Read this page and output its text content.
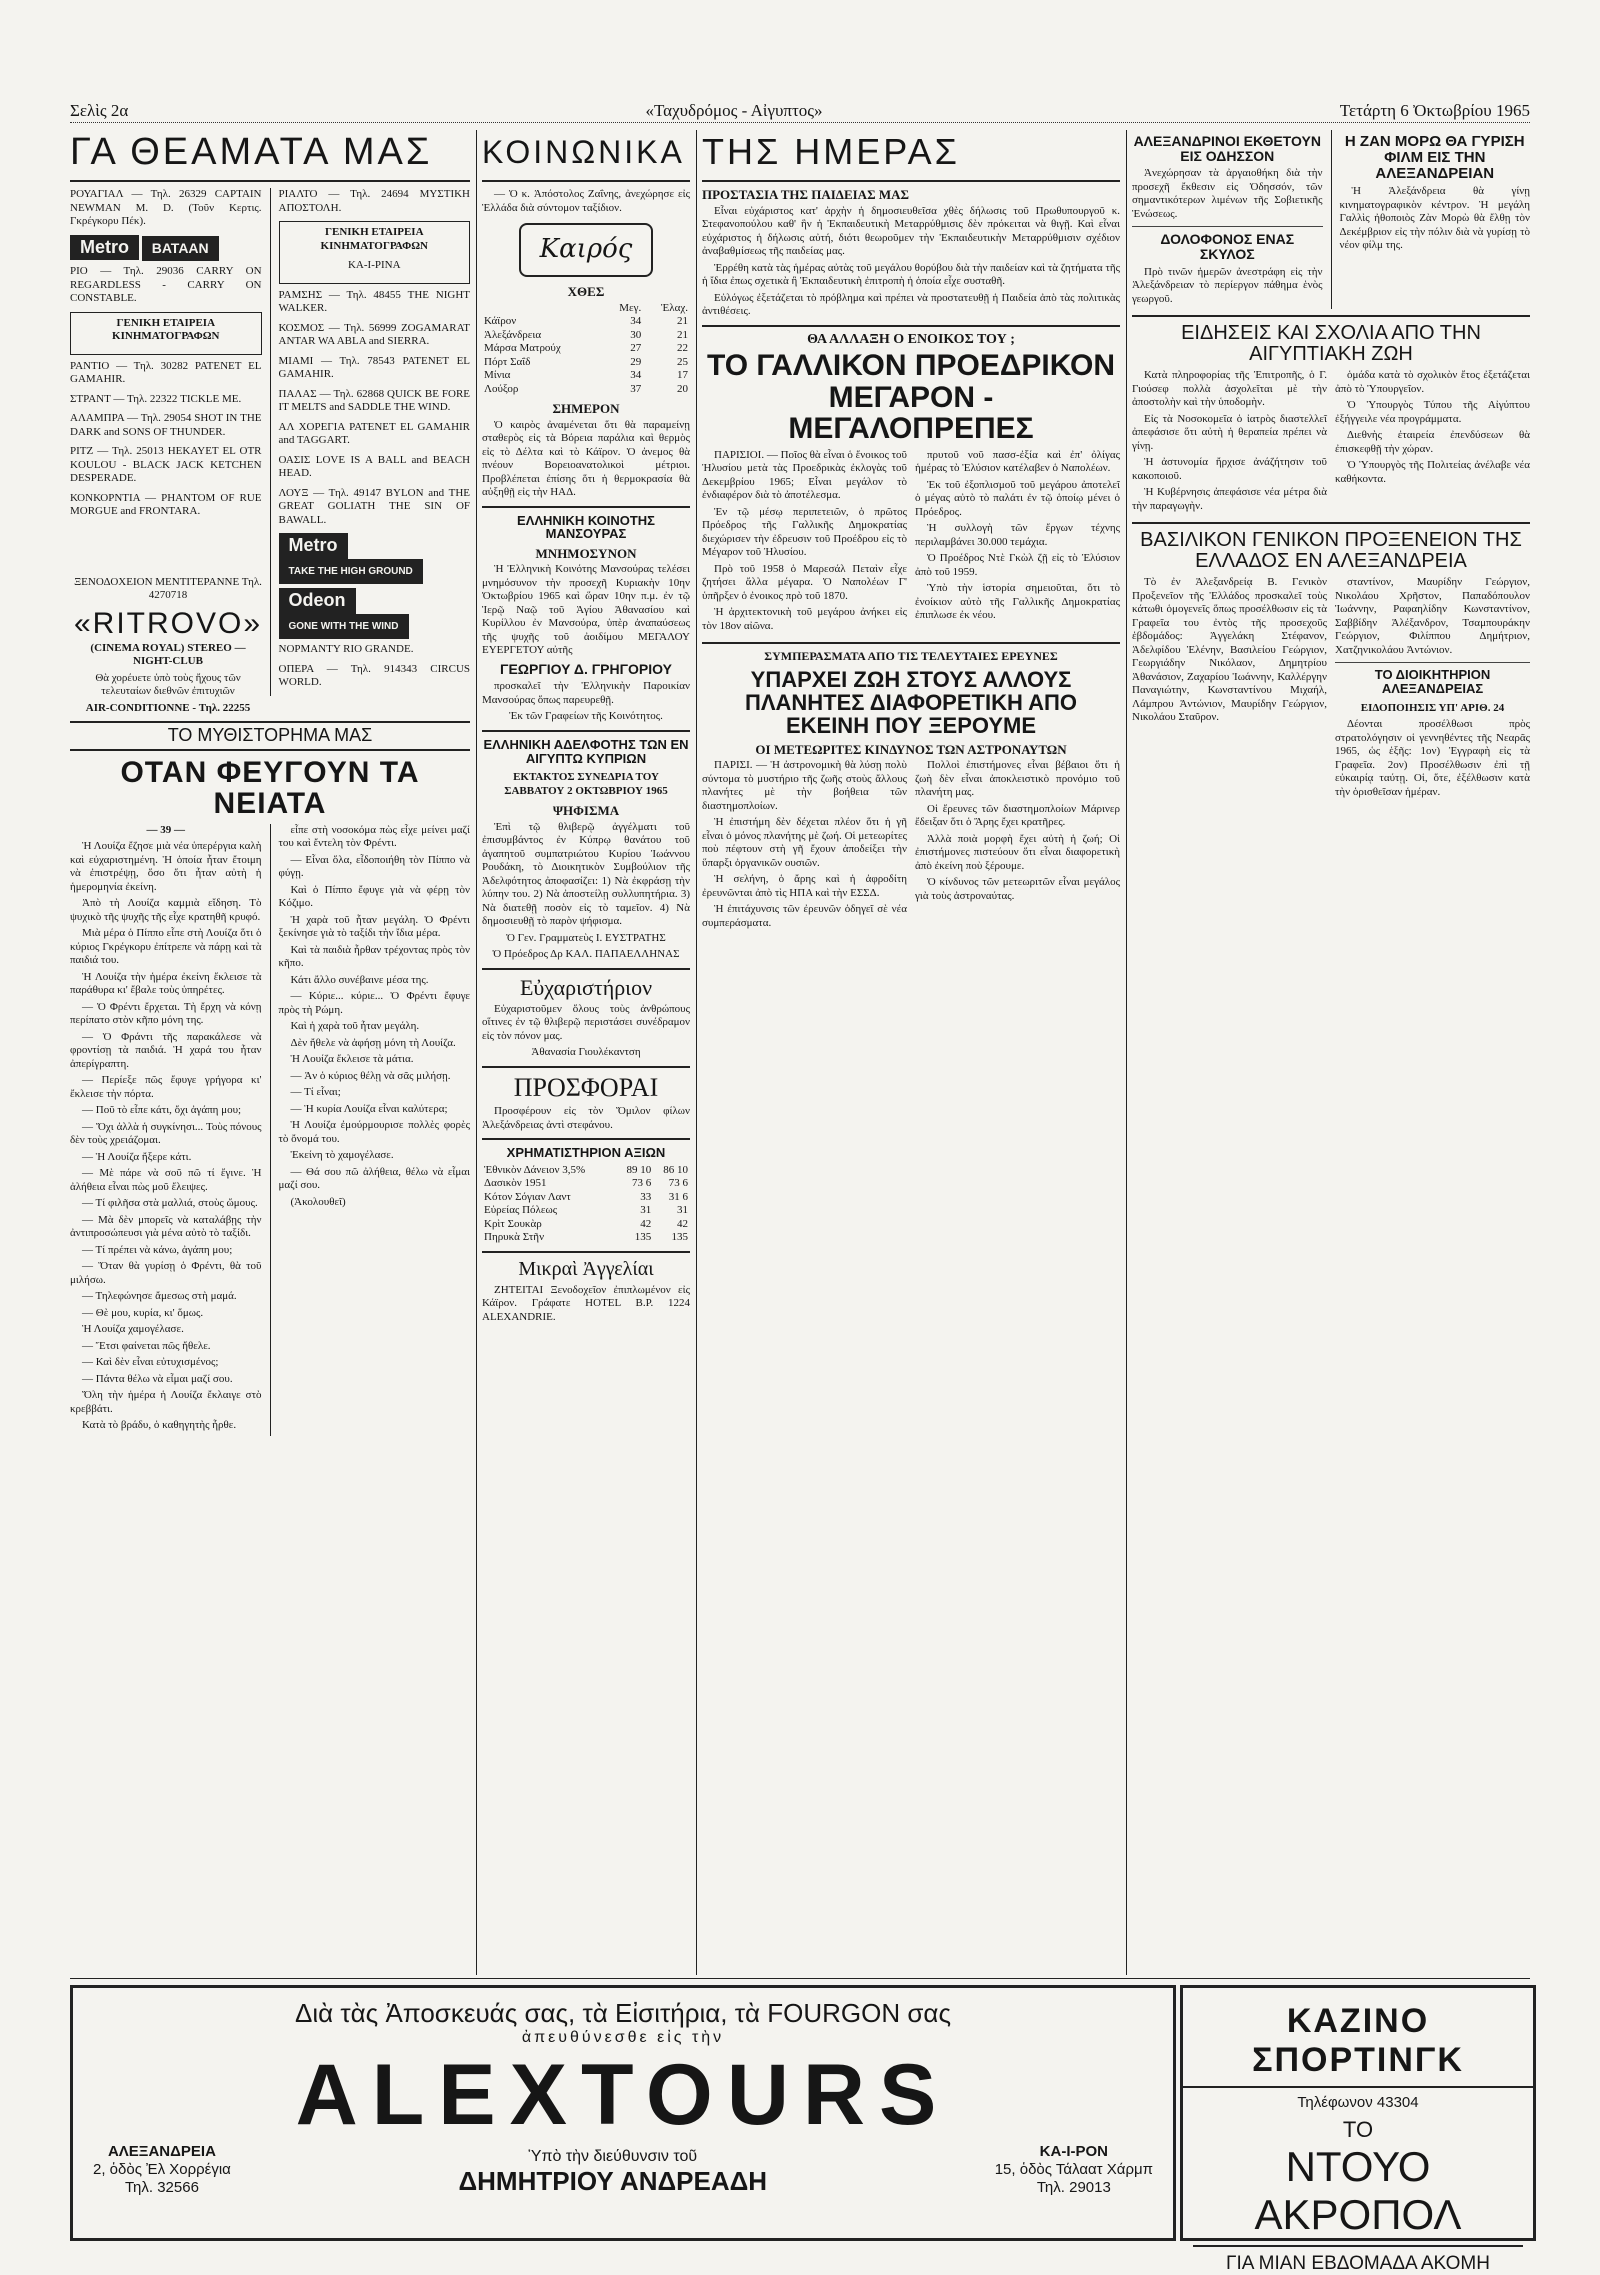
Σελὶς 2α	«Ταχυδρόμος - Αἰγυπτος»	Τετάρτη 6 Ὀκτωβρίου 1965
ΓΑ ΘΕΑΜΑΤΑ ΜΑΣ

ΡΟΥΑΓΙΑΛ — Τηλ. 26329 CAPTAIN NEWMAN M. D. (Τοῦν Κερτις. Γκρέγκορυ Πέκ).

Metro ΒΑΤΑΑΝ

ΡΙΟ — Τηλ. 29036 CARRY ON REGARDLESS - CARRY ON CONSTABLE.

ΓΕΝΙΚΗ ΕΤΑΙΡΕΙΑ ΚΙΝΗΜΑΤΟΓΡΑΦΩΝ

ΡΑΝΤΙΟ — Τηλ. 30282 PATENET EL GAMAHIR.

ΣΤΡΑΝΤ — Τηλ. 22322 TICKLE ME.

ΑΛΑΜΠΡΑ — Τηλ. 29054 SHOT IN THE DARK and SONS OF THUNDER.

ΡΙΤΖ — Τηλ. 25013 HEKAYET EL OTR KOULOU - BLACK JACK KETCHEN DESPERADE.

ΚΟΝΚΟΡΝΤΙΑ — PHANTOM OF RUE MORGUE and FRONTARA.

ΡΙΑΛΤΟ — Τηλ. 24694 ΜΥΣΤΙΚΗ ΑΠΟΣΤΟΛΗ.

ΓΕΝΙΚΗ ΕΤΑΙΡΕΙΑ ΚΙΝΗΜΑΤΟΓΡΑΦΩΝ

ΚΑ-Ι-ΡΙΝΑ

ΡΑΜΣΗΣ — Τηλ. 48455 THE NIGHT WALKER.

ΚΟΣΜΟΣ — Τηλ. 56999 ZOGAMARAT ANTAR WA ABLA and SIERRA.

ΜΙΑΜΙ — Τηλ. 78543 PATENET EL GAMAHIR.

ΠΑΛΑΣ — Τηλ. 62868 QUICK BE FORE IT MELTS and SADDLE THE WIND.

ΑΛ ΧΟΡΕΓΙΑ PATENET EL GAMAHIR and TAGGART.

ΟΑΣΙΣ LOVE IS A BALL and BEACH HEAD.

ΛΟΥΞ — Τηλ. 49147 BYLON and THE GREAT GOLIATH THE SIN OF BAWALL.

Metro TAKE THE HIGH GROUND
Odeon GONE WITH THE WIND

ΝΟΡΜΑΝΤΥ RIO GRANDE.

ΟΠΕΡΑ — Τηλ. 914343 CIRCUS WORLD.

ΞΕΝΟΔΟΧΕΙΟΝ ΜΕΝΤΙΤΕΡΑΝΝΕ Τηλ. 4270718

«RITROVO»

(CINEMA ROYAL) STEREO — NIGHT-CLUB

Θὰ χορέυετε ὑπὸ τοὺς ἤχους τῶν τελευταίων διεθνῶν ἐπιτυχιῶν

AIR-CONDITIONNE - Τηλ. 22255

ΤΟ ΜΥΘΙΣΤΟΡΗΜΑ ΜΑΣ
ΟΤΑΝ ΦΕΥΓΟΥΝ ΤΑ ΝΕΙΑΤΑ

— 39 —

Ἡ Λουίζα ἔζησε μιὰ νέα ὑπερέργια καλὴ καὶ εὐχαριστημένη. Ἡ ὁποία ἦταν ἔτοιμη νὰ ἐπιστρέψῃ, ὅσο ὅτι ἦταν αὐτὴ ἡ ἡμερομηνία ἐκείνη.

Ἀπὸ τὴ Λουίζα καμμιὰ εἴδηση. Τὸ ψυχικὸ τῆς ψυχῆς τῆς εἶχε κρατηθῆ κρυφό.

Μιὰ μέρα ὁ Πίππο εἶπε στὴ Λουίζα ὅτι ὁ κύριος Γκρέγκορυ ἐπίτρεπε νὰ πάρῃ καὶ τὰ παιδιά του.

Ἡ Λουίζα τὴν ἡμέρα ἐκείνη ἔκλεισε τὰ παράθυρα κι' ἔβαλε τοὺς ὑπηρέτες.

— Ὁ Φρέντι ἔρχεται. Τὴ ἔρχη νὰ κόνῃ περίπατο στὸν κῆπο μόνη της.

— Ὁ Φράντι τῆς παρακάλεσε νὰ φροντίσῃ τὰ παιδιά. Ἡ χαρά του ἦταν ἀπερίγραπτη.

— Περίεξε πῶς ἔφυγε γρήγορα κι' ἔκλεισε τὴν πόρτα.

— Ποῦ τὸ εἶπε κάτι, ὄχι ἀγάπη μου;

— Ὄχι ἀλλὰ ἡ συγκίνησι... Τοὺς πόνους δὲν τοὺς χρειάζομαι.

— Ἡ Λουίζα ἤξερε κάτι.

— Μὲ πάρε νὰ σοῦ πῶ τί ἔγινε. Ἡ ἀλήθεια εἶναι πὼς μοῦ ἔλειψες.

— Τί φιλῆσα στὰ μαλλιά, στοὺς ὤμους.

— Μὰ δὲν μπορεῖς νὰ καταλάβῃς τὴν ἀντιπροσώπευσι γιὰ μένα αὐτὸ τὸ ταξίδι.

— Τί πρέπει νὰ κάνω, ἀγάπη μου;

— Ὅταν θὰ γυρίσῃ ὁ Φρέντι, θὰ τοῦ μιλήσω.

— Τηλεφώνησε ἄμεσως στὴ μαμά.

— Θὲ μου, κυρία, κι' ὅμως.

Ἡ Λουίζα χαμογέλασε.

— Ἔτσι φαίνεται πῶς ἤθελε.

— Καὶ δὲν εἶναι εὐτυχισμένος;

— Πάντα θέλω νὰ εἶμαι μαζί σου.

Ὅλη τὴν ἡμέρα ἡ Λουίζα ἔκλαιγε στὸ κρεββάτι.

Κατὰ τὸ βράδυ, ὁ καθηγητὴς ἦρθε.

εἶπε στὴ νοσοκόμα πὼς εἶχε μείνει μαζί του καὶ ἔντελη τὸν Φρέντι.

— Εἶναι ὅλα, εἶδοποιήθη τὸν Πίππο νὰ φύγῃ.

Καὶ ὁ Πίππο ἔφυγε γιὰ νὰ φέρῃ τὸν Κόζιμο.

Ἡ χαρὰ τοῦ ἦταν μεγάλη. Ὁ Φρέντι ξεκίνησε γιὰ τὸ ταξίδι τὴν ἴδια μέρα.

Καὶ τὰ παιδιὰ ἦρθαν τρέχοντας πρὸς τὸν κῆπο.

Κάτι ἄλλο συνέβαινε μέσα της.

— Κύριε... κύριε... Ὁ Φρέντι ἔφυγε πρὸς τὴ Ρώμη.

Καὶ ἡ χαρὰ τοῦ ἦταν μεγάλη.

Δὲν ἤθελε νὰ ἀφήσῃ μόνη τὴ Λουίζα.

Ἡ Λουίζα ἔκλεισε τὰ μάτια.

— Ἀν ὁ κύριος θέλῃ νὰ σᾶς μιλήσῃ.

— Τί εἶναι;

— Ἡ κυρία Λουίζα εἶναι καλύτερα;

Ἡ Λουίζα ἐμούρμουρισε πολλὲς φορὲς τὸ ὄνομά του.

Ἐκείνη τὸ χαμογέλασε.

— Θά σου πῶ ἀλήθεια, θέλω νὰ εἶμαι μαζί σου.

(Ἀκολουθεῖ)

ΚΟΙΝΩΝΙΚΑ

— Ὁ κ. Ἀπόστολος Ζαΐνης, ἀνεχώρησε εἰς Ἑλλάδα διὰ σύντομον ταξίδιον.

Καιρός
ΧΘΕΣ
	Μεγ.	Ἐλαχ.
Κάϊρον	34	21
Ἀλεξάνδρεια	30	21
Μάρσα Ματρούχ	27	22
Πόρτ Σαΐδ	29	25
Μίνια	34	17
Λούξορ	37	20
ΣΗΜΕΡΟΝ

Ὁ καιρὸς ἀναμένεται ὅτι θὰ παραμείνῃ σταθερὸς εἰς τὰ Βόρεια παράλια καὶ θερμὸς εἰς τὸ Δέλτα καὶ τὸ Κάϊρον. Ὁ ἀνεμος θὰ πνέουν Βορειοανατολικοὶ μέτριοι. Προβλέπεται ἐπίσης ὅτι ἡ θερμοκρασία θὰ αὐξηθῇ εἰς τὴν ΗΑΔ.

ΕΛΛΗΝΙΚΗ ΚΟΙΝΟΤΗΣ ΜΑΝΣΟΥΡΑΣ
ΜΝΗΜΟΣΥΝΟΝ

Ἡ Ἑλληνικὴ Κοινότης Μανσούρας τελέσει μνημόσυνον τὴν προσεχῆ Κυριακὴν 10ην Ὀκτωβρίου 1965 καὶ ὥραν 10ην π.μ. ἐν τῷ Ἱερῷ Ναῷ τοῦ Ἁγίου Ἀθανασίου καὶ Κυρίλλου ἐν Μανσούρα, ὑπὲρ ἀναπαύσεως τῆς ψυχῆς τοῦ ἀοιδίμου ΜΕΓΑΛΟΥ ΕΥΕΡΓΕΤΟΥ αὐτῆς

ΓΕΩΡΓΙΟΥ Δ. ΓΡΗΓΟΡΙΟΥ

προσκαλεῖ τὴν Ἑλληνικὴν Παροικίαν Μανσούρας ὅπως παρευρεθῇ.

Ἐκ τῶν Γραφείων τῆς Κοινότητος.

ΕΛΛΗΝΙΚΗ ΑΔΕΛΦΟΤΗΣ ΤΩΝ ΕΝ ΑΙΓΥΠΤΩ ΚΥΠΡΙΩΝ
ΕΚΤΑΚΤΟΣ ΣΥΝΕΔΡΙΑ ΤΟΥ ΣΑΒΒΑΤΟΥ 2 ΟΚΤΩΒΡΙΟΥ 1965
ΨΗΦΙΣΜΑ

Ἐπὶ τῷ θλιβερῷ ἀγγέλματι τοῦ ἐπισυμβάντος ἐν Κύπρῳ θανάτου τοῦ ἀγαπητοῦ συμπατριώτου Κυρίου Ἰωάννου Ρουδάκη, τὸ Διοικητικὸν Συμβούλιον τῆς Ἀδελφότητος ἀποφασίζει: 1) Νὰ ἐκφράσῃ τὴν λύπην του. 2) Νὰ ἀποστείλῃ συλλυπητήρια. 3) Νὰ διατεθῇ ποσὸν εἰς τὸ ταμεῖον. 4) Νὰ δημοσιευθῇ τὸ παρὸν ψήφισμα.

Ὁ Γεν. Γραμματεὺς Ι. ΕΥΣΤΡΑΤΗΣ

Ὁ Πρόεδρος Δρ ΚΑΛ. ΠΑΠΑΕΛΛΗΝΑΣ

Εὐχαριστήριον

Εὐχαριστοῦμεν ὅλους τοὺς ἀνθρώπους οἵτινες ἐν τῷ θλιβερῷ περιστάσει συνέδραμον εἰς τὸν πόνον μας.

Ἀθανασία Γιουλέκαντση

ΠΡΟΣΦΟΡΑΙ

Προσφέρουν εἰς τὸν Ὅμιλον φίλων Ἀλεξάνδρειας ἀντὶ στεφάνου.

ΧΡΗΜΑΤΙΣΤΗΡΙΟΝ ΑΞΙΩΝ
Ἐθνικὸν Δάνειον 3,5%	89 10	86 10
Δασικὸν 1951	73 6	73 6
Κότον Σόγιαν Λαντ	33	31 6
Εὐρείας Πόλεως	31	31
Κρὶτ Σουκὰρ	42	42
Πηρυκὰ Στῆν	135	135
Μικραὶ Ἀγγελίαι

ΖΗΤΕΙΤΑΙ Ξενοδοχεῖον ἐπιπλωμένον εἰς Κάϊρον. Γράφατε HOTEL B.P. 1224 ALEXANDRIE.

ΤΗΣ ΗΜΕΡΑΣ
ΠΡΟΣΤΑΣΙΑ ΤΗΣ ΠΑΙΔΕΙΑΣ ΜΑΣ

Εἶναι εὐχάριστος κατ' ἀρχὴν ἡ δημοσιευθεῖσα χθὲς δήλωσις τοῦ Πρωθυπουργοῦ κ. Στεφανοπούλου καθ' ἣν ἡ Ἐκπαιδευτικὴ Μεταρρύθμισις δὲν πρόκειται νὰ θιγῇ. Καὶ εἶναι εὐχάριστος ἡ δήλωσις αὐτή, διότι θεωροῦμεν τὴν Ἐκπαιδευτικὴν Μεταρρύθμισιν σχέδιον ἀναβαθμίσεως τῆς παιδείας μας.

Ἐρρέθη κατὰ τὰς ἡμέρας αὐτὰς τοῦ μεγάλου θορύβου διὰ τὴν παιδείαν καὶ τὰ ζητήματα τῆς ἡ ἴδια ἐπως σχετικὰ ἢ Ἐκπαιδευτικὴ ἐπιτροπὴ ἡ ὁποία εἶχε συσταθῆ.

Εὐλόγως ἐξετάζεται τὸ πρόβλημα καὶ πρέπει νὰ προστατευθῇ ἡ Παιδεία ἀπὸ τὰς πολιτικὰς ἀντιθέσεις.

ΘΑ ΑΛΛΑΞΗ Ο ΕΝΟΙΚΟΣ ΤΟΥ ;
ΤΟ ΓΑΛΛΙΚΟΝ ΠΡΟΕΔΡΙΚΟΝ ΜΕΓΑΡΟΝ - ΜΕΓΑΛΟΠΡΕΠΕΣ

ΠΑΡΙΣΙΟΙ. — Ποῖος θὰ εἶναι ὁ ἕνοικος τοῦ Ἠλυσίου μετὰ τὰς Προεδρικὰς ἐκλογὰς τοῦ Δεκεμβρίου 1965; Εἶναι μεγάλον τὸ ἐνδιαφέρον διὰ τὸ ἀποτέλεσμα.

Ἐν τῷ μέσῳ περιπετειῶν, ὁ πρῶτος Πρόεδρος τῆς Γαλλικῆς Δημοκρατίας διεχώρισεν τὴν ἐδρευσιν τοῦ Προέδρου εἰς τὸ Μέγαρον τοῦ Ἠλυσίου.

Πρὸ τοῦ 1958 ὁ Μαρεσάλ Πεταὶν εἶχε ζητήσει ἄλλα μέγαρα. Ὁ Ναπολέων Γ' ὑπῆρξεν ὁ ἐνοικος πρὸ τοῦ 1870.

Ἡ ἀρχιτεκτονικὴ τοῦ μεγάρου ἀνήκει εἰς τὸν 18ον αἰῶνα.

πρυτοῦ νοῦ πασσ-ἐξία καὶ ἐπ' ὀλίγας ἡμέρας τὸ Ἐλύσιον κατέλαβεν ὁ Ναπολέων.

Ἐκ τοῦ ἐξοπλισμοῦ τοῦ μεγάρου ἀποτελεῖ ὁ μέγας αὐτὸ τὸ παλάτι ἐν τῷ ὁποίῳ μένει ὁ Πρόεδρος.

Ἡ συλλογὴ τῶν ἔργων τέχνης περιλαμβάνει 30.000 τεμάχια.

Ὁ Προέδρος Ντὲ Γκὼλ ζῇ εἰς τὸ Ἐλύσιον ἀπὸ τοῦ 1959.

Ὑπὸ τὴν ἱστορία σημειοῦται, ὅτι τὸ ἐνοίκιον αὐτὸ τῆς Γαλλικῆς Δημοκρατίας ἐπιπλωσε ἐκ νέου.

ΣΥΜΠΕΡΑΣΜΑΤΑ ΑΠΟ ΤΙΣ ΤΕΛΕΥΤΑΙΕΣ ΕΡΕΥΝΕΣ
ΥΠΑΡΧΕΙ ΖΩΗ ΣΤΟΥΣ ΑΛΛΟΥΣ ΠΛΑΝΗΤΕΣ ΔΙΑΦΟΡΕΤΙΚΗ ΑΠΟ ΕΚΕΙΝΗ ΠΟΥ ΞΕΡΟΥΜΕ
ΟΙ ΜΕΤΕΩΡΙΤΕΣ ΚΙΝΔΥΝΟΣ ΤΩΝ ΑΣΤΡΟΝΑΥΤΩΝ

ΠΑΡΙΣΙ. — Ἡ ἀστρονομικὴ θὰ λύσῃ πολὺ σύντομα τὸ μυστήριο τῆς ζωῆς στοὺς ἄλλους πλανήτες μὲ τὴν βοήθεια τῶν διαστημοπλοίων.

Ἡ ἐπιστήμη δὲν δέχεται πλέον ὅτι ἡ γῆ εἶναι ὁ μόνος πλανήτης μὲ ζωή. Οἱ μετεωρίτες ποὺ πέφτουν στὴ γῆ ἔχουν ἀποδείξει τὴν ὕπαρξι ὀργανικῶν ουσιῶν.

Ἡ σελήνη, ὁ ἄρης καὶ ἡ ἀφροδίτη ἐρευνῶνται ἀπὸ τὶς ΗΠΑ καὶ τὴν ΕΣΣΔ.

Ἡ ἐπιτάχυνσις τῶν ἐρευνῶν ὁδηγεῖ σὲ νέα συμπεράσματα.

Πολλοὶ ἐπιστήμονες εἶναι βέβαιοι ὅτι ἡ ζωὴ δὲν εἶναι ἀποκλειστικὸ προνόμιο τοῦ πλανήτη μας.

Οἱ ἔρευνες τῶν διαστημοπλοίων Μάρινερ ἔδειξαν ὅτι ὁ Ἄρης ἔχει κρατῆρες.

Ἀλλὰ ποιὰ μορφὴ ἔχει αὐτὴ ἡ ζωή; Οἱ ἐπιστήμονες πιστεύουν ὅτι εἶναι διαφορετικὴ ἀπὸ ἐκείνη ποὺ ξέρουμε.

Ὁ κίνδυνος τῶν μετεωριτῶν εἶναι μεγάλος γιὰ τοὺς ἀστροναύτας.

ΑΛΕΞΑΝΔΡΙΝΟΙ ΕΚΘΕΤΟΥΝ ΕΙΣ ΟΔΗΣΣΟΝ

Ἀνεχώρησαν τὰ ἀργαιοθήκη διὰ τὴν προσεχῆ ἔκθεσιν εἰς Ὀδησσόν, τῶν σημαντικότερων λιμένων τῆς Σοβιετικῆς Ἑνώσεως.

ΔΟΛΟΦΟΝΟΣ ΕΝΑΣ ΣΚΥΛΟΣ

Πρὸ τινῶν ἡμερῶν ἀνεστράφη εἰς τὴν Ἀλεξάνδρειαν τὸ περίεργον πάθημα ἑνὸς γεωργοῦ.

Η ΖΑΝ ΜΟΡΩ ΘΑ ΓΥΡΙΣΗ ΦΙΛΜ ΕΙΣ ΤΗΝ ΑΛΕΞΑΝΔΡΕΙΑΝ

Ἡ Ἀλεξάνδρεια θὰ γίνῃ κινηματογραφικὸν κέντρον. Ἡ μεγάλη Γαλλὶς ἠθοποιὸς Ζὰν Μορὼ θὰ ἔλθῃ τὸν Δεκέμβριον εἰς τὴν πόλιν διὰ νὰ γυρίσῃ τὸ νέον φίλμ της.

ΕΙΔΗΣΕΙΣ ΚΑΙ ΣΧΟΛΙΑ ΑΠΟ ΤΗΝ ΑΙΓΥΠΤΙΑΚΗ ΖΩΗ

Κατὰ πληροφορίας τῆς Ἐπιτροπῆς, ὁ Γ. Γιούσεφ πολλὰ ἀσχολεῖται μὲ τὴν ἀποστολὴν καὶ τὴν ὑποδομὴν.

Εἰς τὰ Νοσοκομεῖα ὁ ἰατρὸς διαστελλεῖ ἀπεφάσισε ὅτι αὐτὴ ἡ θεραπεία πρέπει νὰ γίνῃ.

Ἡ ἀστυνομία ἤρχισε ἀνάζήτησιν τοῦ κακοποιοῦ.

Ἡ Κυβέρνησις ἀπεφάσισε νέα μέτρα διὰ τὴν παραγωγὴν.

ὁμάδα κατὰ τὸ σχολικὸν ἔτος ἐξετάζεται ἀπὸ τὸ Ὑπουργεῖον.

Ὁ Ὑπουργὸς Τύπου τῆς Αἰγύπτου ἐξήγγειλε νέα προγράμματα.

Διεθνὴς ἐταιρεία ἐπενδύσεων θὰ ἐπισκεφθῇ τὴν χώραν.

Ὁ Ὑπουργὸς τῆς Πολιτείας ἀνέλαβε νέα καθήκοντα.

ΒΑΣΙΛΙΚΟΝ ΓΕΝΙΚΟΝ ΠΡΟΞΕΝΕΙΟΝ ΤΗΣ ΕΛΛΑΔΟΣ ΕΝ ΑΛΕΞΑΝΔΡΕΙΑ

Τὸ ἐν Ἀλεξανδρείᾳ Β. Γενικὸν Προξενεῖον τῆς Ἑλλάδος προσκαλεῖ τοὺς κάτωθι ὁμογενεῖς ὅπως προσέλθωσιν εἰς τὰ Γραφεῖα του ἐντὸς τῆς προσεχοῦς ἑβδομάδος: Ἀγγελάκη Στέφανον, Ἀδελφίδου Ἑλένην, Βασιλείου Γεώργιον, Γεωργιάδην Νικόλαον, Δημητρίου Ἀθανάσιον, Ζαχαρίου Ἰωάννην, Καλλέργην Παναγιώτην, Κωνσταντίνου Μιχαήλ, Λάμπρου Ἀντώνιον, Μαυρίδην Γεώργιον, Νικολάου Σταῦρον.

σταντίνον, Μαυρίδην Γεώργιον, Νικολάου Χρῆστον, Παπαδόπουλον Ἰωάννην, Ραφαηλίδην Κωνσταντίνον, Σαββίδην Ἀλέξανδρον, Τσαμπουράκην Γεώργιον, Φιλίππου Δημήτριον, Χατζηνικολάου Ἀντώνιον.

ΤΟ ΔΙΟΙΚΗΤΗΡΙΟΝ ΑΛΕΞΑΝΔΡΕΙΑΣ
ΕΙΔΟΠΟΙΗΣΙΣ ΥΠ' ΑΡΙΘ. 24

Δέονται προσέλθωσι πρὸς στρατολόγησιν οἱ γεννηθέντες τῆς Νεαρᾶς 1965, ὡς ἑξῆς: 1ον) Ἐγγραφὴ εἰς τὰ Γραφεῖα. 2ον) Προσέλθωσιν ἐπὶ τῇ εὐκαιρίᾳ ταύτῃ. Οἱ, ὅτε, ἐξέλθωσιν κατὰ τὴν ὁρισθεῖσαν ἡμέραν.

Διὰ τὰς Ἀποσκευάς σας, τὰ Εἰσιτήρια, τὰ FOURGON σας
ἀπευθύνεσθε εἰς τὴν
ALEXTOURS
ΑΛΕΞΑΝΔΡΕΙΑ
2, ὁδὸς Ἐλ Χορρέγια
Τηλ. 32566
Ὑπὸ τὴν διεύθυνσιν τοῦ
ΔΗΜΗΤΡΙΟΥ ΑΝΔΡΕΑΔΗ
ΚΑ-Ι-ΡΟΝ
15, ὁδὸς Τάλαατ Χάρμπ
Τηλ. 29013
ΚΑΖΙΝΟ ΣΠΟΡΤΙΝΓΚ
Τηλέφωνον 43304
ΤΟ
ΝΤΟΥΟ ΑΚΡΟΠΟΛ
ΓΙΑ ΜΙΑΝ ΕΒΔΟΜΑΔΑ ΑΚΟΜΗ
